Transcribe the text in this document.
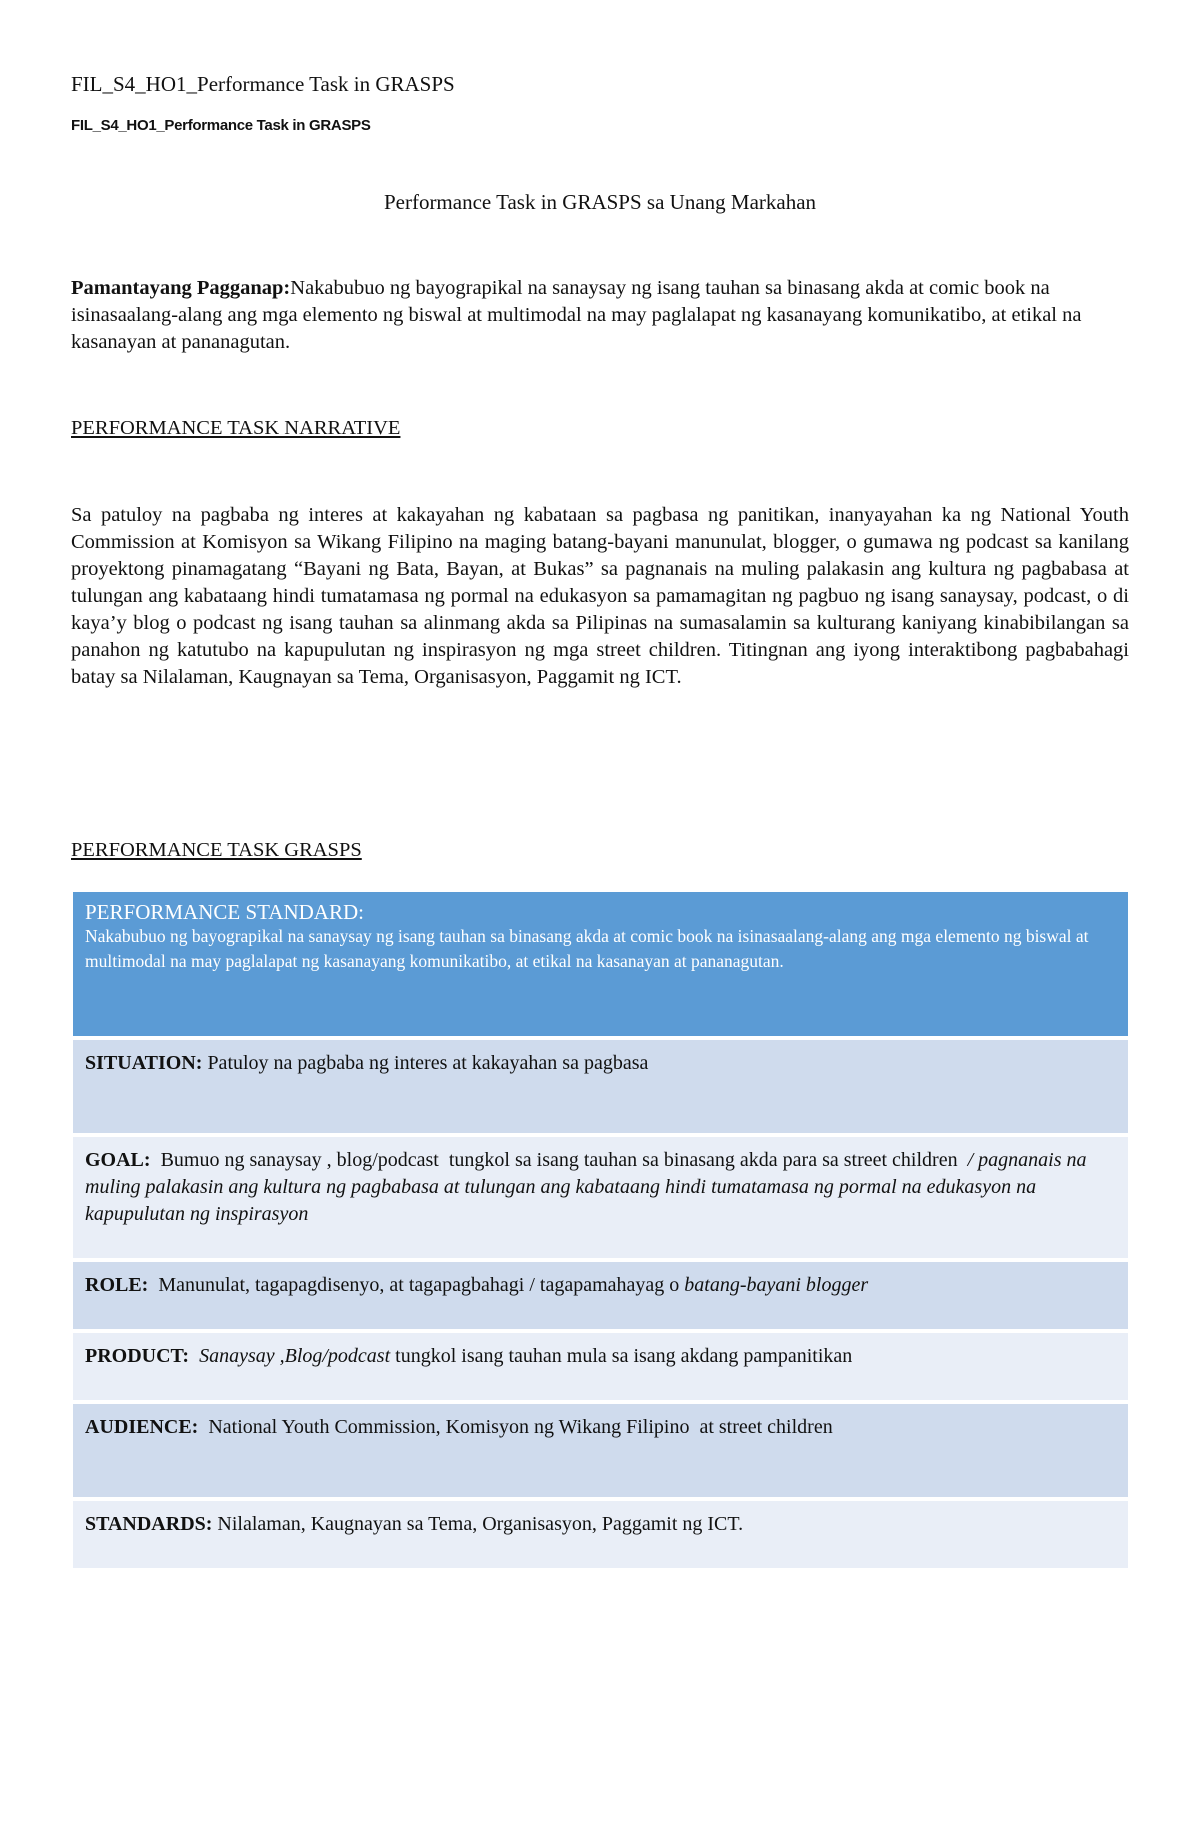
FIL_S4_HO1_Performance Task in GRASPS
FIL_S4_HO1_Performance Task in GRASPS
Performance Task in GRASPS sa Unang Markahan
Pamantayang Pagganap:Nakabubuo ng bayograpikal na sanaysay ng isang tauhan sa binasang akda at comic book na isinasaalang-alang ang mga elemento ng biswal at multimodal na may paglalapat ng kasanayang komunikatibo, at etikal na kasanayan at pananagutan.
PERFORMANCE TASK NARRATIVE
Sa patuloy na pagbaba ng interes at kakayahan ng kabataan sa pagbasa ng panitikan, inanyayahan ka ng National Youth Commission at Komisyon sa Wikang Filipino na maging batang-bayani manunulat, blogger, o gumawa ng podcast sa kanilang proyektong pinamagatang “Bayani ng Bata, Bayan, at Bukas” sa pagnanais na muling palakasin ang kultura ng pagbabasa at tulungan ang kabataang hindi tumatamasa ng pormal na edukasyon sa pamamagitan ng pagbuo ng isang sanaysay, podcast, o di kaya’y blog o podcast ng isang tauhan sa alinmang akda sa Pilipinas na sumasalamin sa kulturang kaniyang kinabibilangan sa panahon ng katutubo na kapupulutan ng inspirasyon ng mga street children. Titingnan ang iyong interaktibong pagbabahagi batay sa Nilalaman, Kaugnayan sa Tema, Organisasyon, Paggamit ng ICT.
PERFORMANCE TASK GRASPS
PERFORMANCE STANDARD:
Nakabubuo ng bayograpikal na sanaysay ng isang tauhan sa binasang akda at comic book na isinasaalang-alang ang mga elemento ng biswal at multimodal na may paglalapat ng kasanayang komunikatibo, at etikal na kasanayan at pananagutan.
SITUATION: Patuloy na pagbaba ng interes at kakayahan sa pagbasa
GOAL:  Bumuo ng sanaysay , blog/podcast  tungkol sa isang tauhan sa binasang akda para sa street children  / pagnanais na muling palakasin ang kultura ng pagbabasa at tulungan ang kabataang hindi tumatamasa ng pormal na edukasyon na kapupulutan ng inspirasyon
ROLE:  Manunulat, tagapagdisenyo, at tagapagbahagi / tagapamahayag o batang-bayani blogger
PRODUCT:  Sanaysay ,Blog/podcast tungkol isang tauhan mula sa isang akdang pampanitikan
AUDIENCE:  National Youth Commission, Komisyon ng Wikang Filipino  at street children
STANDARDS: Nilalaman, Kaugnayan sa Tema, Organisasyon, Paggamit ng ICT.
